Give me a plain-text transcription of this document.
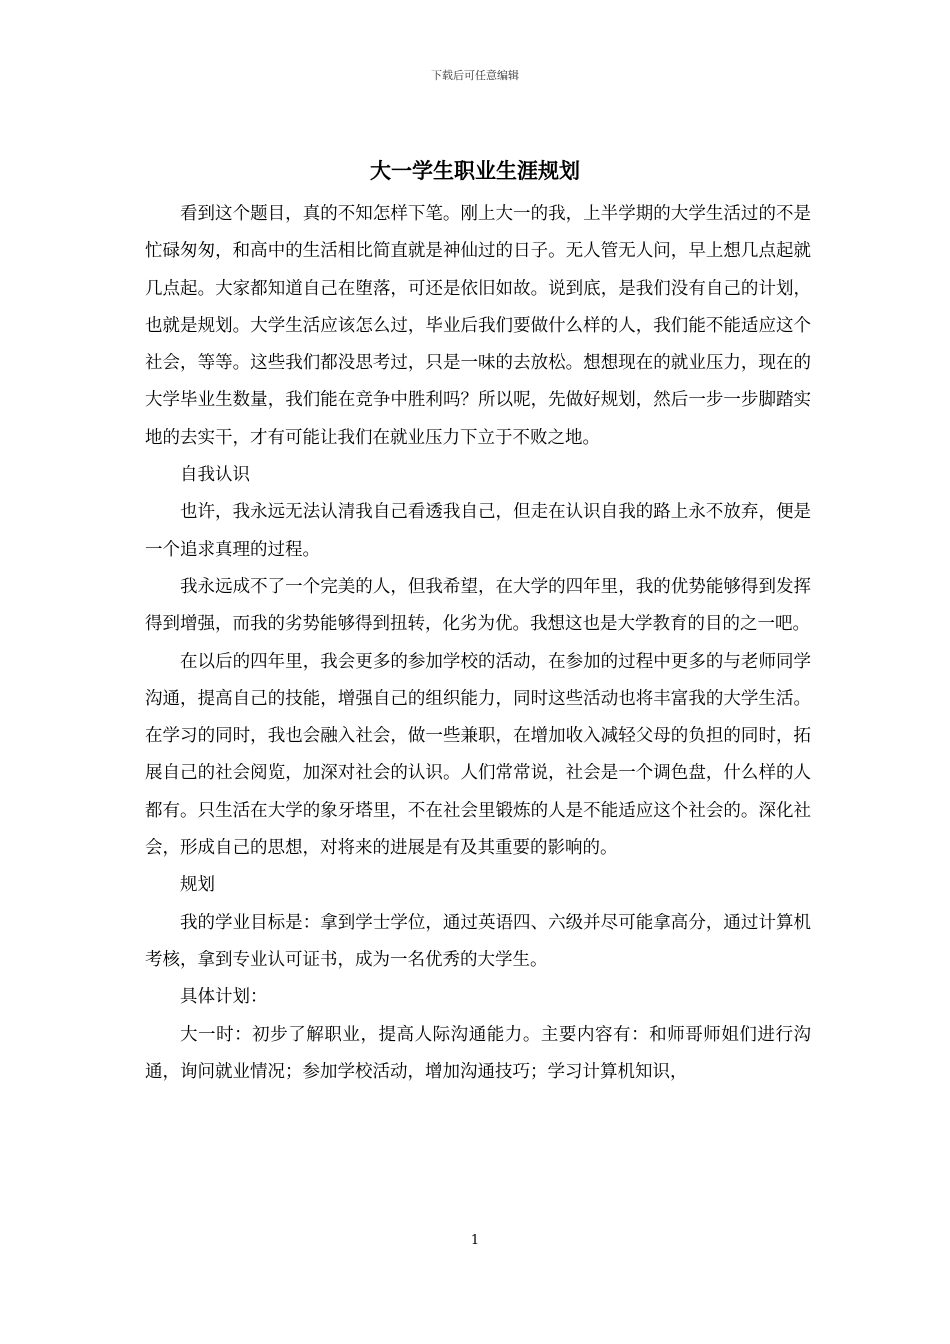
下载后可任意编辑
大一学生职业生涯规划

看到这个题目，真的不知怎样下笔。刚上大一的我，上半学期的大学生活过的不是忙碌匆匆，和高中的生活相比简直就是神仙过的日子。无人管无人问，早上想几点起就几点起。大家都知道自己在堕落，可还是依旧如故。说到底，是我们没有自己的计划，也就是规划。大学生活应该怎么过，毕业后我们要做什么样的人，我们能不能适应这个社会，等等。这些我们都没思考过，只是一味的去放松。想想现在的就业压力，现在的大学毕业生数量，我们能在竞争中胜利吗？所以呢，先做好规划，然后一步一步脚踏实地的去实干，才有可能让我们在就业压力下立于不败之地。

自我认识

也许，我永远无法认清我自己看透我自己，但走在认识自我的路上永不放弃，便是一个追求真理的过程。

我永远成不了一个完美的人，但我希望，在大学的四年里，我的优势能够得到发挥得到增强，而我的劣势能够得到扭转，化劣为优。我想这也是大学教育的目的之一吧。

在以后的四年里，我会更多的参加学校的活动，在参加的过程中更多的与老师同学沟通，提高自己的技能，增强自己的组织能力，同时这些活动也将丰富我的大学生活。在学习的同时，我也会融入社会，做一些兼职，在增加收入减轻父母的负担的同时，拓展自己的社会阅览，加深对社会的认识。人们常常说，社会是一个调色盘，什么样的人都有。只生活在大学的象牙塔里，不在社会里锻炼的人是不能适应这个社会的。深化社会，形成自己的思想，对将来的进展是有及其重要的影响的。

规划

我的学业目标是：拿到学士学位，通过英语四、六级并尽可能拿高分，通过计算机考核，拿到专业认可证书，成为一名优秀的大学生。

具体计划：

大一时：初步了解职业，提高人际沟通能力。主要内容有：和师哥师姐们进行沟通，询问就业情况；参加学校活动，增加沟通技巧；学习计算机知识，

1
